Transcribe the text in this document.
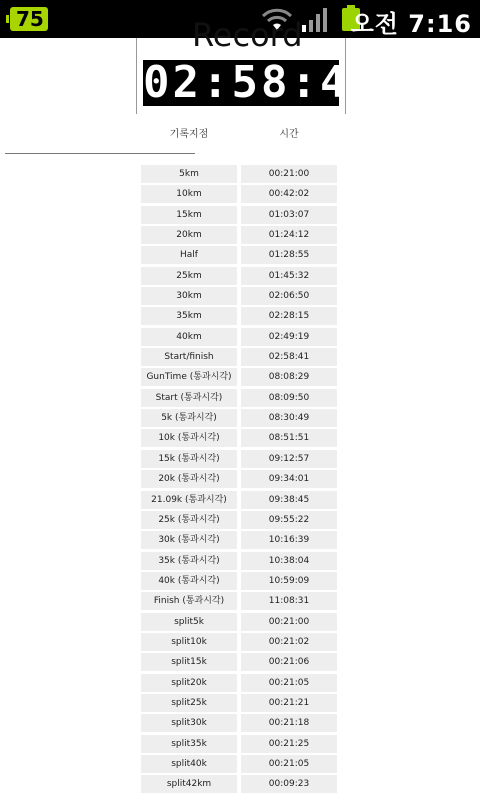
75	오전 7:16
Record
02:58:41
기록지점	시간
5km	00:21:00
10km	00:42:02
15km	01:03:07
20km	01:24:12
Half	01:28:55
25km	01:45:32
30km	02:06:50
35km	02:28:15
40km	02:49:19
Start/finish	02:58:41
GunTime (통과시각)	08:08:29
Start (통과시각)	08:09:50
5k (통과시각)	08:30:49
10k (통과시각)	08:51:51
15k (통과시각)	09:12:57
20k (통과시각)	09:34:01
21.09k (통과시각)	09:38:45
25k (통과시각)	09:55:22
30k (통과시각)	10:16:39
35k (통과시각)	10:38:04
40k (통과시각)	10:59:09
Finish (통과시각)	11:08:31
split5k	00:21:00
split10k	00:21:02
split15k	00:21:06
split20k	00:21:05
split25k	00:21:21
split30k	00:21:18
split35k	00:21:25
split40k	00:21:05
split42km	00:09:23
